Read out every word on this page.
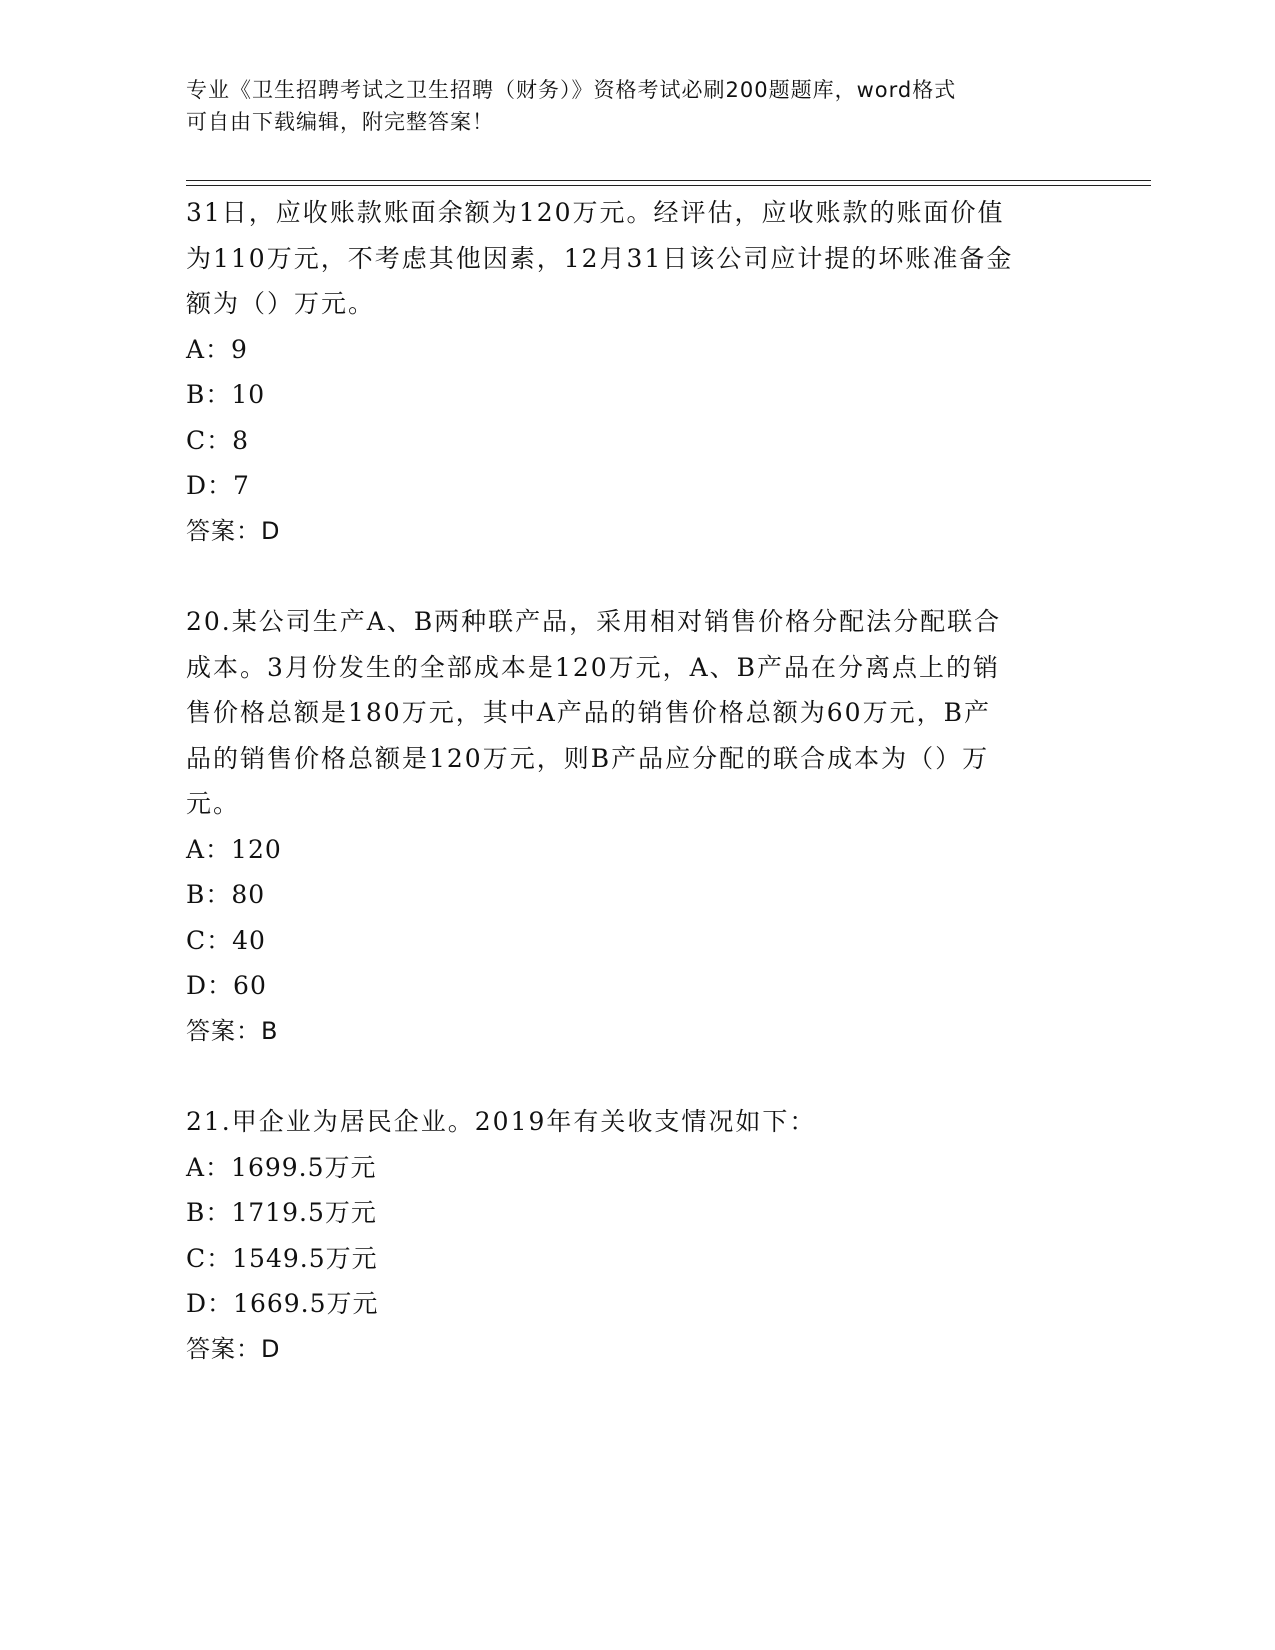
专业《卫生招聘考试之卫生招聘（财务）》资格考试必刷200题题库，word格式
可自由下载编辑，附完整答案！
31日，应收账款账面余额为120万元。经评估，应收账款的账面价值
为110万元，不考虑其他因素，12月31日该公司应计提的坏账准备金
额为（）万元。
A：9
B：10
C：8
D：7
答案：D
20.某公司生产A、B两种联产品，采用相对销售价格分配法分配联合
成本。3月份发生的全部成本是120万元，A、B产品在分离点上的销
售价格总额是180万元，其中A产品的销售价格总额为60万元，B产
品的销售价格总额是120万元，则B产品应分配的联合成本为（）万
元。
A：120
B：80
C：40
D：60
答案：B
21.甲企业为居民企业。2019年有关收支情况如下：
A：1699.5万元
B：1719.5万元
C：1549.5万元
D：1669.5万元
答案：D
